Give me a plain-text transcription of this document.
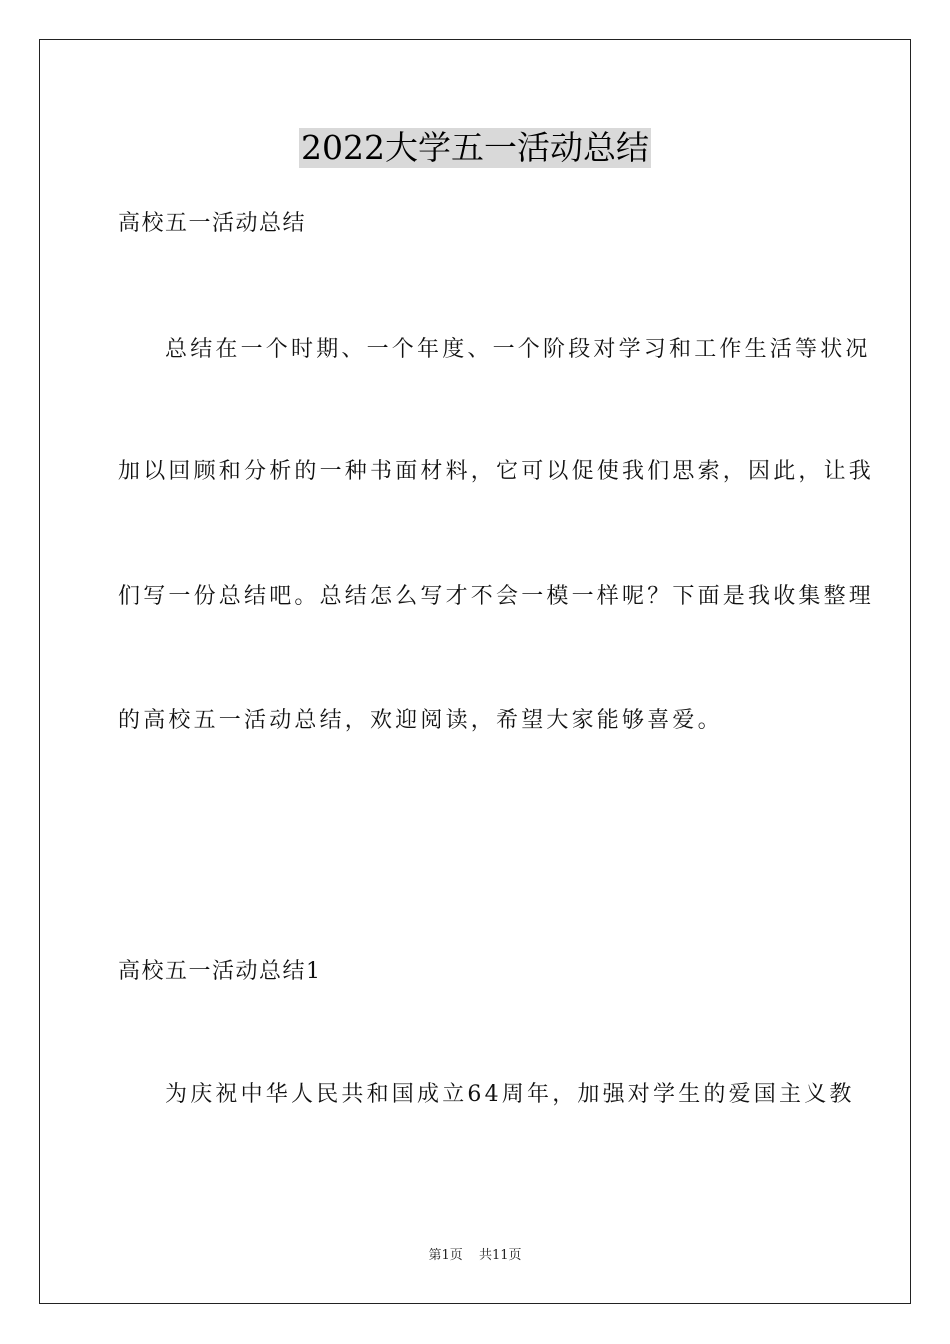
2022大学五一活动总结
高校五一活动总结
总结在一个时期、一个年度、一个阶段对学习和工作生活等状况
加以回顾和分析的一种书面材料，它可以促使我们思索，因此，让我
们写一份总结吧。总结怎么写才不会一模一样呢？下面是我收集整理
的高校五一活动总结，欢迎阅读，希望大家能够喜爱。
高校五一活动总结1
为庆祝中华人民共和国成立64周年，加强对学生的爱国主义教
第1页 共11页
